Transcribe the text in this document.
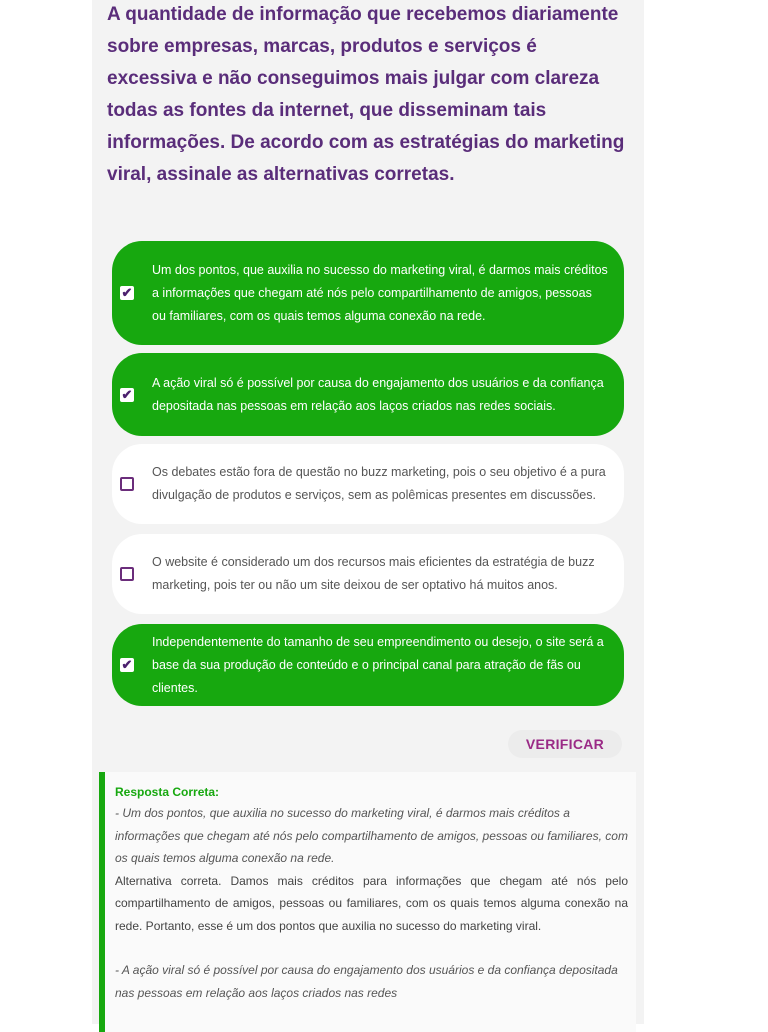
A quantidade de informação que recebemos diariamente sobre empresas, marcas, produtos e serviços é excessiva e não conseguimos mais julgar com clareza todas as fontes da internet, que disseminam tais informações. De acordo com as estratégias do marketing viral, assinale as alternativas corretas.
✔
Um dos pontos, que auxilia no sucesso do marketing viral, é darmos mais créditos a informações que chegam até nós pelo compartilhamento de amigos, pessoas ou familiares, com os quais temos alguma conexão na rede.
✔
A ação viral só é possível por causa do engajamento dos usuários e da confiança depositada nas pessoas em relação aos laços criados nas redes sociais.
Os debates estão fora de questão no buzz marketing, pois o seu objetivo é a pura divulgação de produtos e serviços, sem as polêmicas presentes em discussões.
O website é considerado um dos recursos mais eficientes da estratégia de buzz marketing, pois ter ou não um site deixou de ser optativo há muitos anos.
✔
Independentemente do tamanho de seu empreendimento ou desejo, o site será a base da sua produção de conteúdo e o principal canal para atração de fãs ou clientes.
VERIFICAR
Resposta Correta:
- Um dos pontos, que auxilia no sucesso do marketing viral, é darmos mais créditos a informações que chegam até nós pelo compartilhamento de amigos, pessoas ou familiares, com os quais temos alguma conexão na rede.
Alternativa correta. Damos mais créditos para informações que chegam até nós pelo compartilhamento de amigos, pessoas ou familiares, com os quais temos alguma conexão na rede. Portanto, esse é um dos pontos que auxilia no sucesso do marketing viral.
- A ação viral só é possível por causa do engajamento dos usuários e da confiança depositada nas pessoas em relação aos laços criados nas redes
